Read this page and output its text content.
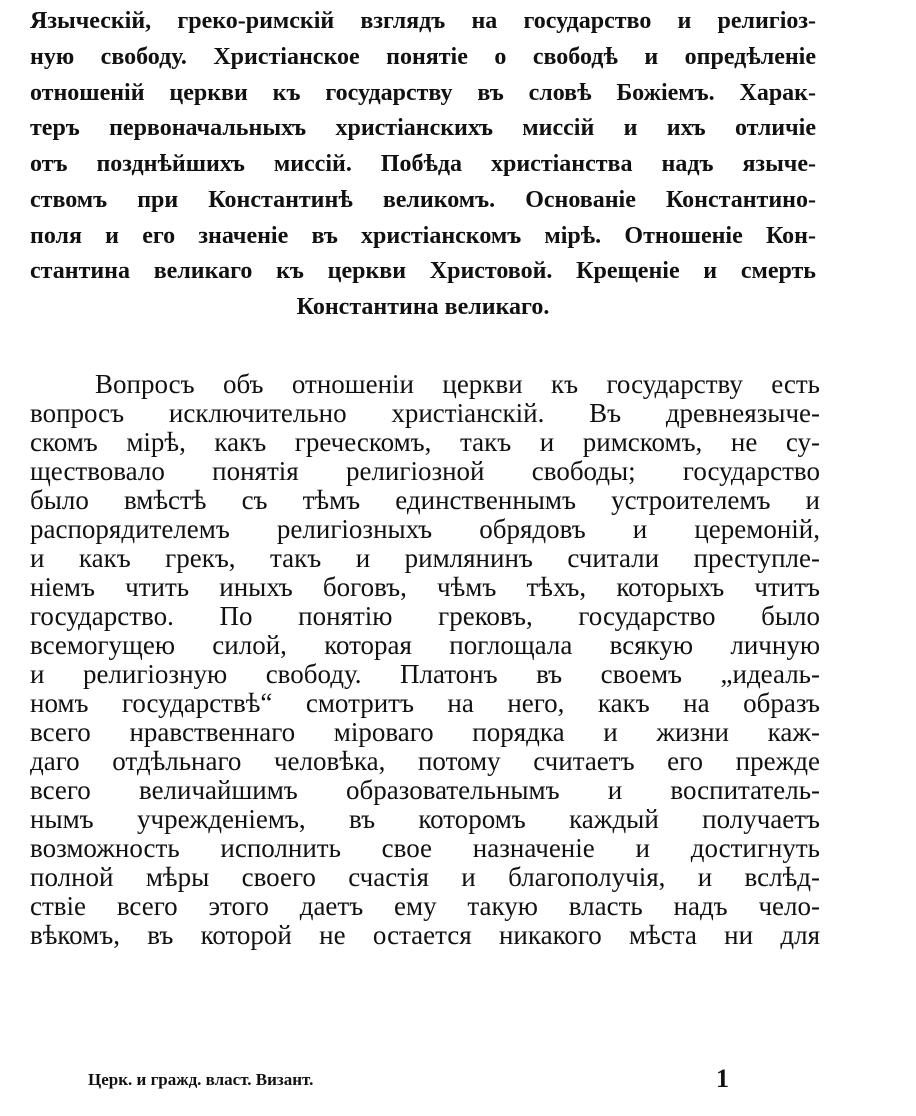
Языческій, греко-римскій взглядъ на государство и религіоз-
ную свободу. Христіанское понятіе о свободѣ и опредѣленіе
отношеній церкви къ государству въ словѣ Божіемъ. Харак-
теръ первоначальныхъ христіанскихъ миссій и ихъ отличіе
отъ позднѣйшихъ миссій. Побѣда христіанства надъ языче-
ствомъ при Константинѣ великомъ. Основаніе Константино-
поля и его значеніе въ христіанскомъ мірѣ. Отношеніе Кон-
стантина великаго къ церкви Христовой. Крещеніе и смерть
Константина великаго.
Вопросъ объ отношеніи церкви къ государству есть
вопросъ исключительно христіанскій. Въ древнеязыче-
скомъ мірѣ, какъ греческомъ, такъ и римскомъ, не су-
ществовало понятія религіозной свободы; государство
было вмѣстѣ съ тѣмъ единственнымъ устроителемъ и
распорядителемъ религіозныхъ обрядовъ и церемоній,
и какъ грекъ, такъ и римлянинъ считали преступле-
ніемъ чтить иныхъ боговъ, чѣмъ тѣхъ, которыхъ чтитъ
государство. По понятію грековъ, государство было
всемогущею силой, которая поглощала всякую личную
и религіозную свободу. Платонъ въ своемъ „идеаль-
номъ государствѣ“ смотритъ на него, какъ на образъ
всего нравственнаго міроваго порядка и жизни каж-
даго отдѣльнаго человѣка, потому считаетъ его прежде
всего величайшимъ образовательнымъ и воспитатель-
нымъ учрежденіемъ, въ которомъ каждый получаетъ
возможность исполнить свое назначеніе и достигнуть
полной мѣры своего счастія и благополучія, и вслѣд-
ствіе всего этого даетъ ему такую власть надъ чело-
вѣкомъ, въ которой не остается никакого мѣста ни для
Церк. и гражд. власт. Визант.	1
